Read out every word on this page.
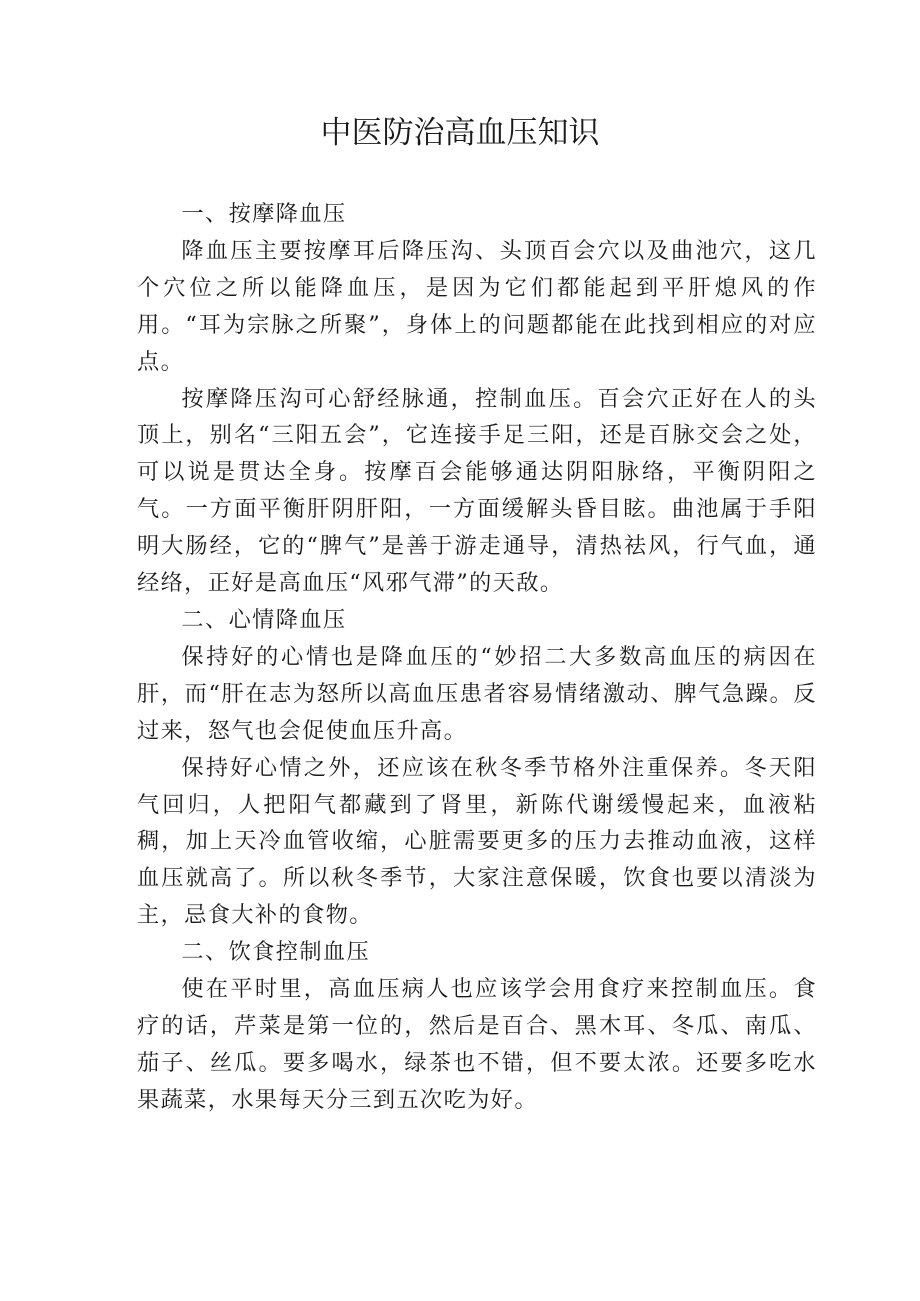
中医防治高血压知识

一、按摩降血压

降血压主要按摩耳后降压沟、头顶百会穴以及曲池穴，这几个穴位之所以能降血压，是因为它们都能起到平肝熄风的作用。“耳为宗脉之所聚”，身体上的问题都能在此找到相应的对应点。

按摩降压沟可心舒经脉通，控制血压。百会穴正好在人的头顶上，别名“三阳五会”，它连接手足三阳，还是百脉交会之处，可以说是贯达全身。按摩百会能够通达阴阳脉络，平衡阴阳之气。一方面平衡肝阴肝阳，一方面缓解头昏目眩。曲池属于手阳明大肠经，它的“脾气”是善于游走通导，清热祛风，行气血，通经络，正好是高血压“风邪气滞”的天敌。

二、心情降血压

保持好的心情也是降血压的“妙招二大多数高血压的病因在肝，而“肝在志为怒所以高血压患者容易情绪激动、脾气急躁。反过来，怒气也会促使血压升高。

保持好心情之外，还应该在秋冬季节格外注重保养。冬天阳气回归，人把阳气都藏到了肾里，新陈代谢缓慢起来，血液粘稠，加上天冷血管收缩，心脏需要更多的压力去推动血液，这样血压就高了。所以秋冬季节，大家注意保暖，饮食也要以清淡为主，忌食大补的食物。

二、饮食控制血压

使在平时里，高血压病人也应该学会用食疗来控制血压。食疗的话，芹菜是第一位的，然后是百合、黑木耳、冬瓜、南瓜、茄子、丝瓜。要多喝水，绿茶也不错，但不要太浓。还要多吃水果蔬菜，水果每天分三到五次吃为好。
